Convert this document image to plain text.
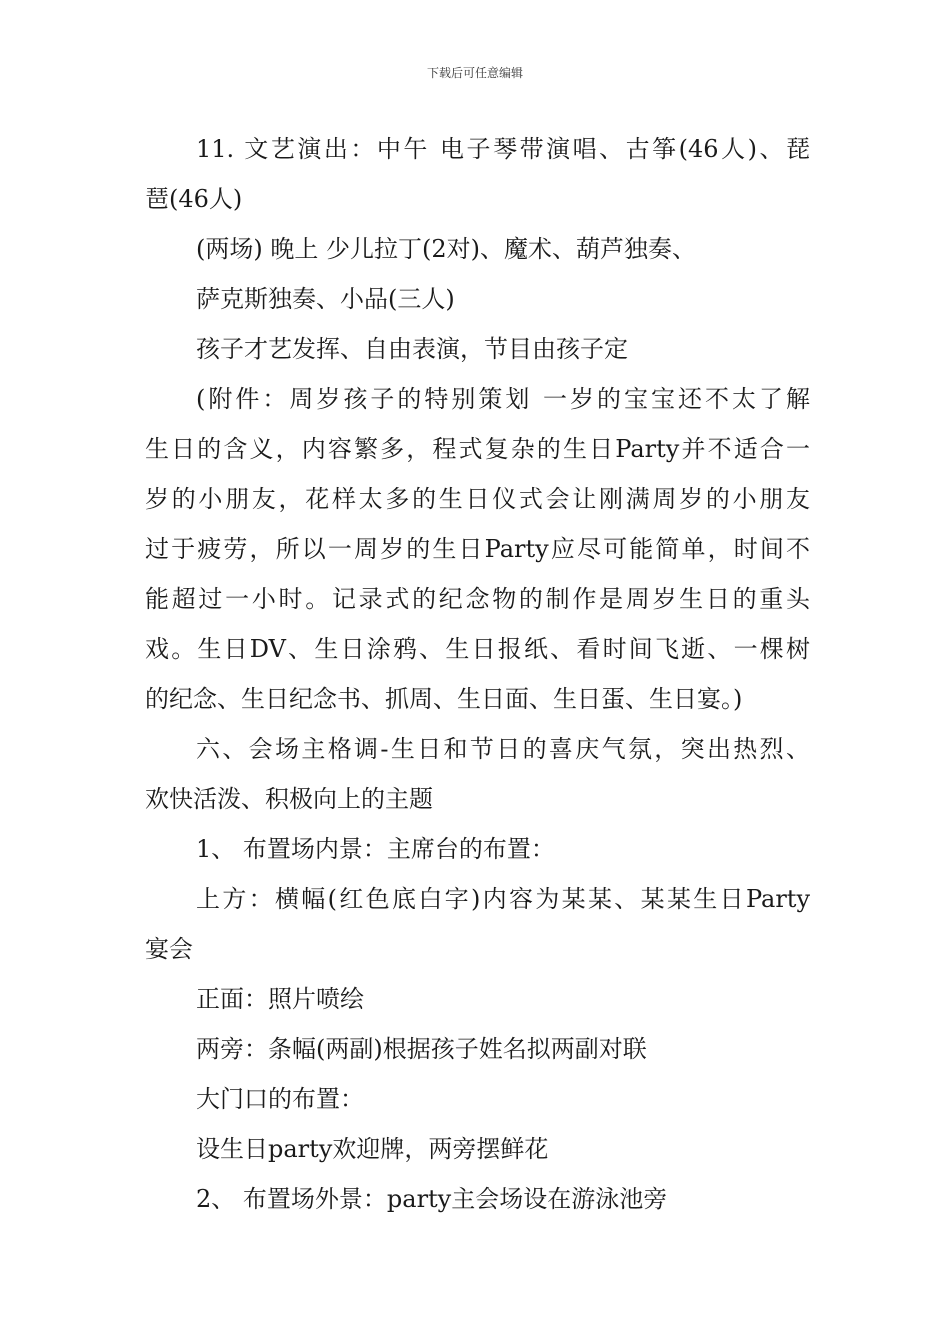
下载后可任意编辑
11. 文艺演出：中午 电子琴带演唱、古筝(46人)、琵
琶(46人)
(两场) 晚上 少儿拉丁(2对)、魔术、葫芦独奏、
萨克斯独奏、小品(三人)
孩子才艺发挥、自由表演，节目由孩子定
(附件：周岁孩子的特别策划 一岁的宝宝还不太了解
生日的含义，内容繁多，程式复杂的生日Party并不适合一
岁的小朋友，花样太多的生日仪式会让刚满周岁的小朋友
过于疲劳，所以一周岁的生日Party应尽可能简单，时间不
能超过一小时。记录式的纪念物的制作是周岁生日的重头
戏。生日DV、生日涂鸦、生日报纸、看时间飞逝、一棵树
的纪念、生日纪念书、抓周、生日面、生日蛋、生日宴。)
六、会场主格调-生日和节日的喜庆气氛，突出热烈、
欢快活泼、积极向上的主题
1、 布置场内景：主席台的布置：
上方：横幅(红色底白字)内容为某某、某某生日Party
宴会
正面：照片喷绘
两旁：条幅(两副)根据孩子姓名拟两副对联
大门口的布置：
设生日party欢迎牌，两旁摆鲜花
2、 布置场外景：party主会场设在游泳池旁
